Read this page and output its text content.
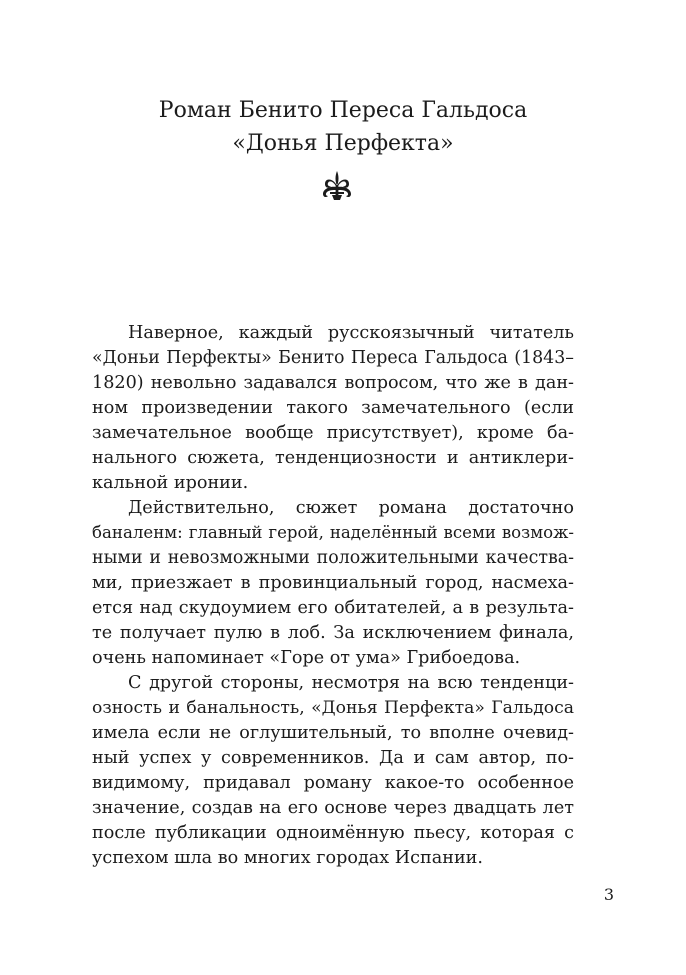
Роман Бенито Переса Гальдоса
«Донья Перфекта»
Наверное, каждый русскоязычный читатель
«Доньи Перфекты» Бенито Переса Гальдоса (1843–
1820) невольно задавался вопросом, что же в дан-
ном произведении такого замечательного (если
замечательное вообще присутствует), кроме ба-
нального сюжета, тенденциозности и антиклери-
кальной иронии.
Действительно, сюжет романа достаточно
баналенм: главный герой, наделённый всеми возмож-
ными и невозможными положительными качества-
ми, приезжает в провинциальный город, насмеха-
ется над скудоумием его обитателей, а в результа-
те получает пулю в лоб. За исключением финала,
очень напоминает «Горе от ума» Грибоедова.
С другой стороны, несмотря на всю тенденци-
озность и банальность, «Донья Перфекта» Гальдоса
имела если не оглушительный, то вполне очевид-
ный успех у современников. Да и сам автор, по-
видимому, придавал роману какое-то особенное
значение, создав на его основе через двадцать лет
после публикации одноимённую пьесу, которая с
успехом шла во многих городах Испании.
3
